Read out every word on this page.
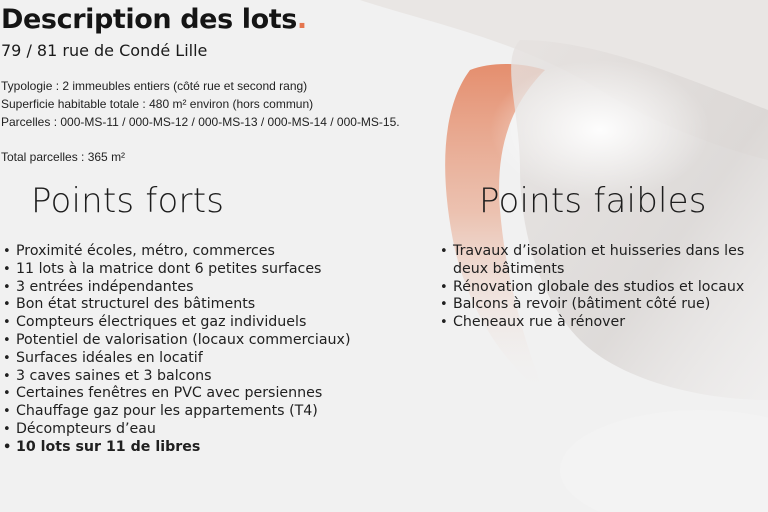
Description des lots.
79 / 81 rue de Condé Lille
Typologie : 2 immeubles entiers (côté rue et second rang)
Superficie habitable totale : 480 m² environ (hors commun)
Parcelles : 000-MS-11 / 000-MS-12 / 000-MS-13 / 000-MS-14 / 000-MS-15.
Total parcelles : 365 m²
Points forts	Points faibles
• Proximité écoles, métro, commerces
• 11 lots à la matrice dont 6 petites surfaces
• 3 entrées indépendantes
• Bon état structurel des bâtiments
• Compteurs électriques et gaz individuels
• Potentiel de valorisation (locaux commerciaux)
• Surfaces idéales en locatif
• 3 caves saines et 3 balcons
• Certaines fenêtres en PVC avec persiennes
• Chauffage gaz pour les appartements (T4)
• Décompteurs d’eau
• 10 lots sur 11 de libres
• Travaux d’isolation et huisseries dans les deux bâtiments
• Rénovation globale des studios et locaux
• Balcons à revoir (bâtiment côté rue)
• Cheneaux rue à rénover
